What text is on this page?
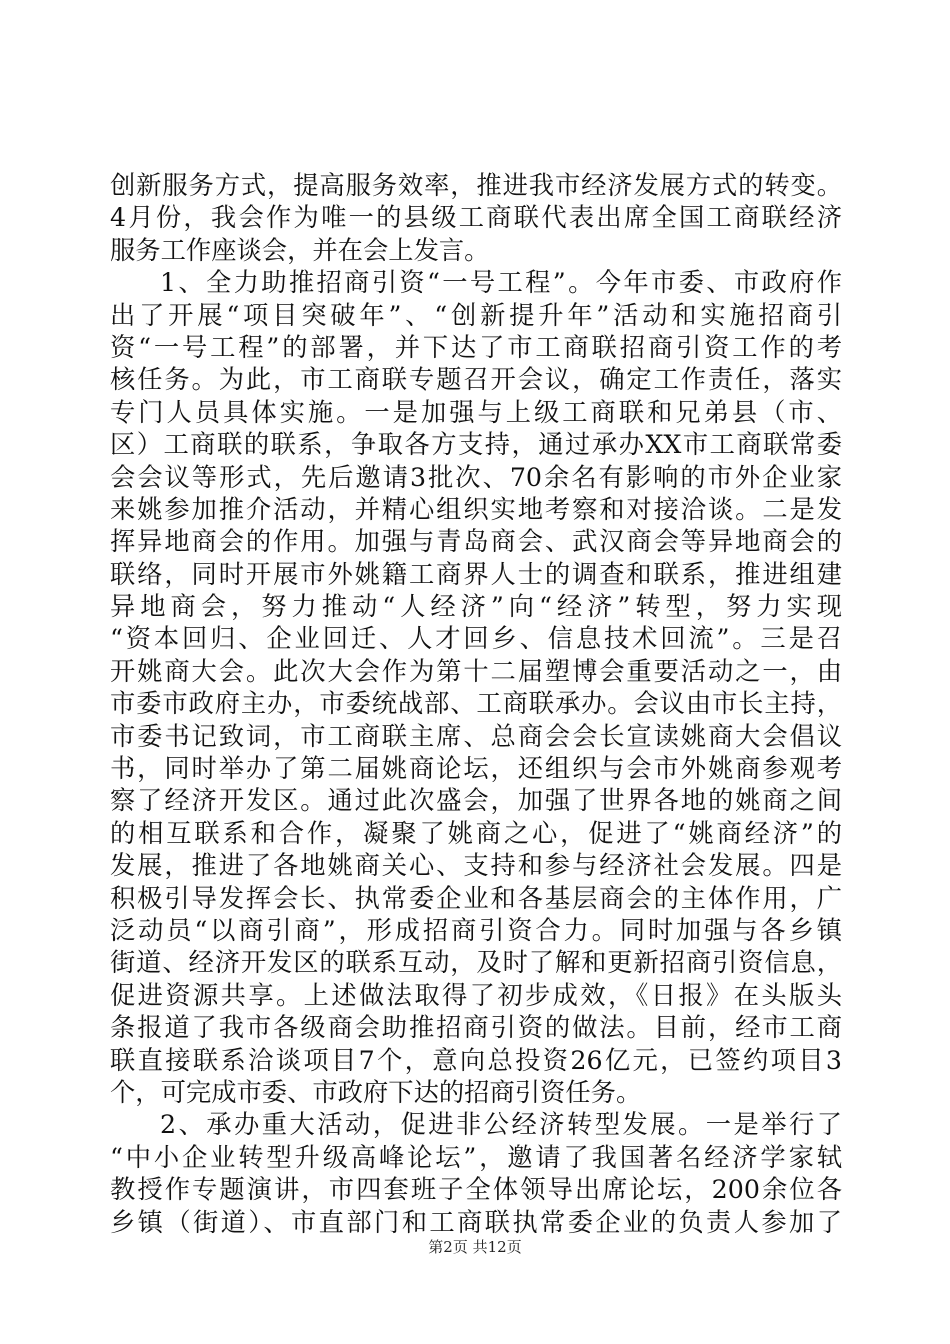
创新服务方式，提高服务效率，推进我市经济发展方式的转变。
4月份，我会作为唯一的县级工商联代表出席全国工商联经济
服务工作座谈会，并在会上发言。

1、全力助推招商引资“一号工程”。今年市委、市政府作
出了开展“项目突破年”、“创新提升年”活动和实施招商引
资“一号工程”的部署，并下达了市工商联招商引资工作的考
核任务。为此，市工商联专题召开会议，确定工作责任，落实
专门人员具体实施。一是加强与上级工商联和兄弟县（市、
区）工商联的联系，争取各方支持，通过承办XX市工商联常委
会会议等形式，先后邀请3批次、70余名有影响的市外企业家
来姚参加推介活动，并精心组织实地考察和对接洽谈。二是发
挥异地商会的作用。加强与青岛商会、武汉商会等异地商会的
联络，同时开展市外姚籍工商界人士的调查和联系，推进组建
异地商会，努力推动“人经济”向“经济”转型，努力实现
“资本回归、企业回迁、人才回乡、信息技术回流”。三是召
开姚商大会。此次大会作为第十二届塑博会重要活动之一，由
市委市政府主办，市委统战部、工商联承办。会议由市长主持，
市委书记致词，市工商联主席、总商会会长宣读姚商大会倡议
书，同时举办了第二届姚商论坛，还组织与会市外姚商参观考
察了经济开发区。通过此次盛会，加强了世界各地的姚商之间
的相互联系和合作，凝聚了姚商之心，促进了“姚商经济”的
发展，推进了各地姚商关心、支持和参与经济社会发展。四是
积极引导发挥会长、执常委企业和各基层商会的主体作用，广
泛动员“以商引商”，形成招商引资合力。同时加强与各乡镇
街道、经济开发区的联系互动，及时了解和更新招商引资信息，
促进资源共享。上述做法取得了初步成效，《日报》在头版头
条报道了我市各级商会助推招商引资的做法。目前，经市工商
联直接联系洽谈项目7个，意向总投资26亿元，已签约项目3
个，可完成市委、市政府下达的招商引资任务。

2、承办重大活动，促进非公经济转型发展。一是举行了
“中小企业转型升级高峰论坛”，邀请了我国著名经济学家轼
教授作专题演讲，市四套班子全体领导出席论坛，200余位各
乡镇（街道）、市直部门和工商联执常委企业的负责人参加了

第2页 共12页
